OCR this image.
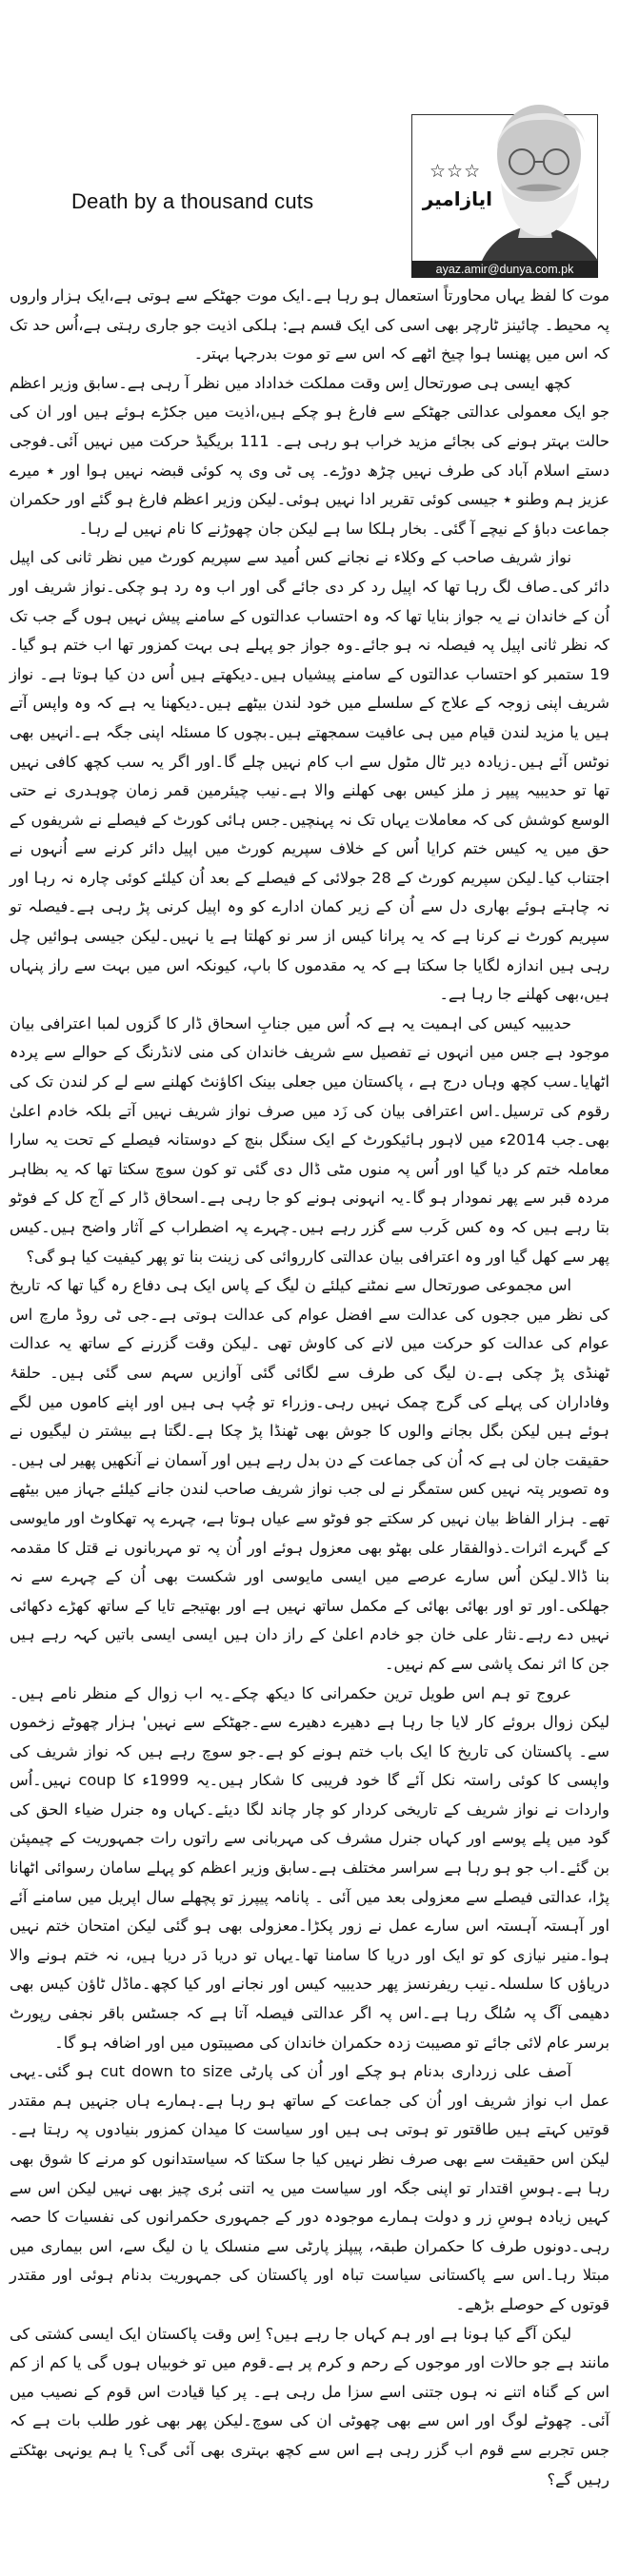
Death by a thousand cuts
☆☆☆
ایازامیر
ayaz.amir@dunya.com.pk

موت کا لفظ یہاں محاورتاً استعمال ہو رہا ہے۔ایک موت جھٹکے سے ہوتی ہے،ایک ہزار واروں پہ محیط۔ چائینز ٹارچر بھی اسی کی ایک قسم ہے: ہلکی اذیت جو جاری رہتی ہے،اُس حد تک کہ اس میں پھنسا ہوا چیخ اٹھے کہ اس سے تو موت بدرجہا بہتر۔

کچھ ایسی ہی صورتحال اِس وقت مملکت خداداد میں نظر آ رہی ہے۔سابق وزیر اعظم جو ایک معمولی عدالتی جھٹکے سے فارغ ہو چکے ہیں،اذیت میں جکڑے ہوئے ہیں اور ان کی حالت بہتر ہونے کی بجائے مزید خراب ہو رہی ہے۔ 111 بریگیڈ حرکت میں نہیں آئی۔فوجی دستے اسلام آباد کی طرف نہیں چڑھ دوڑے۔ پی ٹی وی پہ کوئی قبضہ نہیں ہوا اور ٭ میرے عزیز ہم وطنو ٭ جیسی کوئی تقریر ادا نہیں ہوئی۔لیکن وزیر اعظم فارغ ہو گئے اور حکمران جماعت دباؤ کے نیچے آ گئی۔ بخار ہلکا سا ہے لیکن جان چھوڑنے کا نام نہیں لے رہا۔

نواز شریف صاحب کے وکلاء نے نجانے کس اُمید سے سپریم کورٹ میں نظر ثانی کی اپیل دائر کی۔صاف لگ رہا تھا کہ اپیل رد کر دی جائے گی اور اب وہ رد ہو چکی۔نواز شریف اور اُن کے خاندان نے یہ جواز بنایا تھا کہ وہ احتساب عدالتوں کے سامنے پیش نہیں ہوں گے جب تک کہ نظر ثانی اپیل پہ فیصلہ نہ ہو جائے۔وہ جواز جو پہلے ہی بہت کمزور تھا اب ختم ہو گیا۔ 19 ستمبر کو احتساب عدالتوں کے سامنے پیشیاں ہیں۔دیکھتے ہیں اُس دن کیا ہوتا ہے۔ نواز شریف اپنی زوجہ کے علاج کے سلسلے میں خود لندن بیٹھے ہیں۔دیکھنا یہ ہے کہ وہ واپس آتے ہیں یا مزید لندن قیام میں ہی عافیت سمجھتے ہیں۔بچوں کا مسئلہ اپنی جگہ ہے۔انہیں بھی نوٹس آئے ہیں۔زیادہ دیر ٹال مٹول سے اب کام نہیں چلے گا۔اور اگر یہ سب کچھ کافی نہیں تھا تو حدیبیہ پیپر ز ملز کیس بھی کھلنے والا ہے۔نیب چیئرمین قمر زمان چوہدری نے حتی الوسع کوشش کی کہ معاملات یہاں تک نہ پہنچیں۔جس ہائی کورٹ کے فیصلے نے شریفوں کے حق میں یہ کیس ختم کرایا اُس کے خلاف سپریم کورٹ میں اپیل دائر کرنے سے اُنہوں نے اجتناب کیا۔لیکن سپریم کورٹ کے 28 جولائی کے فیصلے کے بعد اُن کیلئے کوئی چارہ نہ رہا اور نہ چاہتے ہوئے بھاری دل سے اُن کے زیر کمان ادارے کو وہ اپیل کرنی پڑ رہی ہے۔فیصلہ تو سپریم کورٹ نے کرنا ہے کہ یہ پرانا کیس از سر نو کھلتا ہے یا نہیں۔لیکن جیسی ہوائیں چل رہی ہیں اندازہ لگایا جا سکتا ہے کہ یہ مقدموں کا باپ، کیونکہ اس میں بہت سے راز پنہاں ہیں،بھی کھلنے جا رہا ہے۔

حدیبیہ کیس کی اہمیت یہ ہے کہ اُس میں جنابِ اسحاق ڈار کا گزوں لمبا اعترافی بیان موجود ہے جس میں انہوں نے تفصیل سے شریف خاندان کی منی لانڈرنگ کے حوالے سے پردہ اٹھایا۔سب کچھ وہاں درج ہے ، پاکستان میں جعلی بینک اکاؤنٹ کھلنے سے لے کر لندن تک کی رقوم کی ترسیل۔اس اعترافی بیان کی زَد میں صرف نواز شریف نہیں آتے بلکہ خادم اعلیٰ بھی۔جب 2014ء میں لاہور ہائیکورٹ کے ایک سنگل بنچ کے دوستانہ فیصلے کے تحت یہ سارا معاملہ ختم کر دیا گیا اور اُس پہ منوں مٹی ڈال دی گئی تو کون سوچ سکتا تھا کہ یہ بظاہر مردہ قبر سے پھر نمودار ہو گا۔یہ انہونی ہونے کو جا رہی ہے۔اسحاق ڈار کے آج کل کے فوٹو بتا رہے ہیں کہ وہ کس کَرب سے گزر رہے ہیں۔چہرے پہ اضطراب کے آثار واضح ہیں۔کیس پھر سے کھل گیا اور وہ اعترافی بیان عدالتی کارروائی کی زینت بنا تو پھر کیفیت کیا ہو گی؟

اس مجموعی صورتحال سے نمٹنے کیلئے ن لیگ کے پاس ایک ہی دفاع رہ گیا تھا کہ تاریخ کی نظر میں ججوں کی عدالت سے افضل عوام کی عدالت ہوتی ہے۔جی ٹی روڈ مارچ اس عوام کی عدالت کو حرکت میں لانے کی کاوش تھی ۔لیکن وقت گزرنے کے ساتھ یہ عدالت ٹھنڈی پڑ چکی ہے۔ن لیگ کی طرف سے لگائی گئی آوازیں سہم سی گئی ہیں۔ حلقۂ وفاداران کی پہلے کی گرج چمک نہیں رہی۔وزراء تو چُپ ہی ہیں اور اپنے کاموں میں لگے ہوئے ہیں لیکن بگل بجانے والوں کا جوش بھی ٹھنڈا پڑ چکا ہے۔لگتا ہے بیشتر ن لیگیوں نے حقیقت جان لی ہے کہ اُن کی جماعت کے دن بدل رہے ہیں اور آسمان نے آنکھیں پھیر لی ہیں۔وہ تصویر پتہ نہیں کس ستمگر نے لی جب نواز شریف صاحب لندن جانے کیلئے جہاز میں بیٹھے تھے۔ ہزار الفاظ بیان نہیں کر سکتے جو فوٹو سے عیاں ہوتا ہے، چہرے پہ تھکاوٹ اور مایوسی کے گہرے اثرات۔ذوالفقار علی بھٹو بھی معزول ہوئے اور اُن پہ تو مہربانوں نے قتل کا مقدمہ بنا ڈالا۔لیکن اُس سارے عرصے میں ایسی مایوسی اور شکست بھی اُن کے چہرے سے نہ جھلکی۔اور تو اور بھائی بھائی کے مکمل ساتھ نہیں ہے اور بھتیجے تایا کے ساتھ کھڑے دکھائی نہیں دے رہے۔نثار علی خان جو خادم اعلیٰ کے راز دان ہیں ایسی ایسی باتیں کہہ رہے ہیں جن کا اثر نمک پاشی سے کم نہیں۔

عروج تو ہم اس طویل ترین حکمرانی کا دیکھ چکے۔یہ اب زوال کے منظر نامے ہیں۔لیکن زوال بروئے کار لایا جا رہا ہے دھیرے دھیرے سے۔جھٹکے سے نہیں' ہزار چھوٹے زخموں سے۔ پاکستان کی تاریخ کا ایک باب ختم ہونے کو ہے۔جو سوچ رہے ہیں کہ نواز شریف کی واپسی کا کوئی راستہ نکل آئے گا خود فریبی کا شکار ہیں۔یہ 1999ء کا coup نہیں۔اُس واردات نے نواز شریف کے تاریخی کردار کو چار چاند لگا دیئے۔کہاں وہ جنرل ضیاء الحق کی گود میں پلے پوسے اور کہاں جنرل مشرف کی مہربانی سے راتوں رات جمہوریت کے چیمپئن بن گئے۔اب جو ہو رہا ہے سراسر مختلف ہے۔سابق وزیر اعظم کو پہلے سامان رسوائی اٹھانا پڑا، عدالتی فیصلے سے معزولی بعد میں آئی ۔ پانامہ پیپرز تو پچھلے سال اپریل میں سامنے آئے اور آہستہ آہستہ اس سارے عمل نے زور پکڑا۔معزولی بھی ہو گئی لیکن امتحان ختم نہیں ہوا۔منیر نیازی کو تو ایک اور دریا کا سامنا تھا۔یہاں تو دریا دَر دریا ہیں، نہ ختم ہونے والا دریاؤں کا سلسلہ۔نیب ریفرنسز پھر حدیبیہ کیس اور نجانے اور کیا کچھ۔ماڈل ٹاؤن کیس بھی دھیمی آگ پہ سُلگ رہا ہے۔اس پہ اگر عدالتی فیصلہ آتا ہے کہ جسٹس باقر نجفی رپورٹ برسر عام لائی جائے تو مصیبت زدہ حکمران خاندان کی مصیبتوں میں اور اضافہ ہو گا۔

آصف علی زرداری بدنام ہو چکے اور اُن کی پارٹی cut down to size ہو گئی۔یہی عمل اب نواز شریف اور اُن کی جماعت کے ساتھ ہو رہا ہے۔ہمارے ہاں جنہیں ہم مقتدر قوتیں کہتے ہیں طاقتور تو ہوتی ہی ہیں اور سیاست کا میدان کمزور بنیادوں پہ رہتا ہے۔لیکن اس حقیقت سے بھی صرف نظر نہیں کیا جا سکتا کہ سیاستدانوں کو مرنے کا شوق بھی رہا ہے۔ہوسِ اقتدار تو اپنی جگہ اور سیاست میں یہ اتنی بُری چیز بھی نہیں لیکن اس سے کہیں زیادہ ہوسِ زر و دولت ہمارے موجودہ دور کے جمہوری حکمرانوں کی نفسیات کا حصہ رہی۔دونوں طرف کا حکمران طبقہ، پیپلز پارٹی سے منسلک یا ن لیگ سے، اس بیماری میں مبتلا رہا۔اس سے پاکستانی سیاست تباہ اور پاکستان کی جمہوریت بدنام ہوئی اور مقتدر قوتوں کے حوصلے بڑھے۔

لیکن آگے کیا ہونا ہے اور ہم کہاں جا رہے ہیں؟ اِس وقت پاکستان ایک ایسی کشتی کی مانند ہے جو حالات اور موجوں کے رحم و کرم پر ہے۔قوم میں تو خوبیاں ہوں گی یا کم از کم اس کے گناہ اتنے نہ ہوں جتنی اسے سزا مل رہی ہے۔ پر کیا قیادت اس قوم کے نصیب میں آئی۔ چھوٹے لوگ اور اس سے بھی چھوٹی ان کی سوچ۔لیکن پھر بھی غور طلب بات ہے کہ جس تجربے سے قوم اب گزر رہی ہے اس سے کچھ بہتری بھی آئی گی؟ یا ہم یونہی بھٹکتے رہیں گے؟
